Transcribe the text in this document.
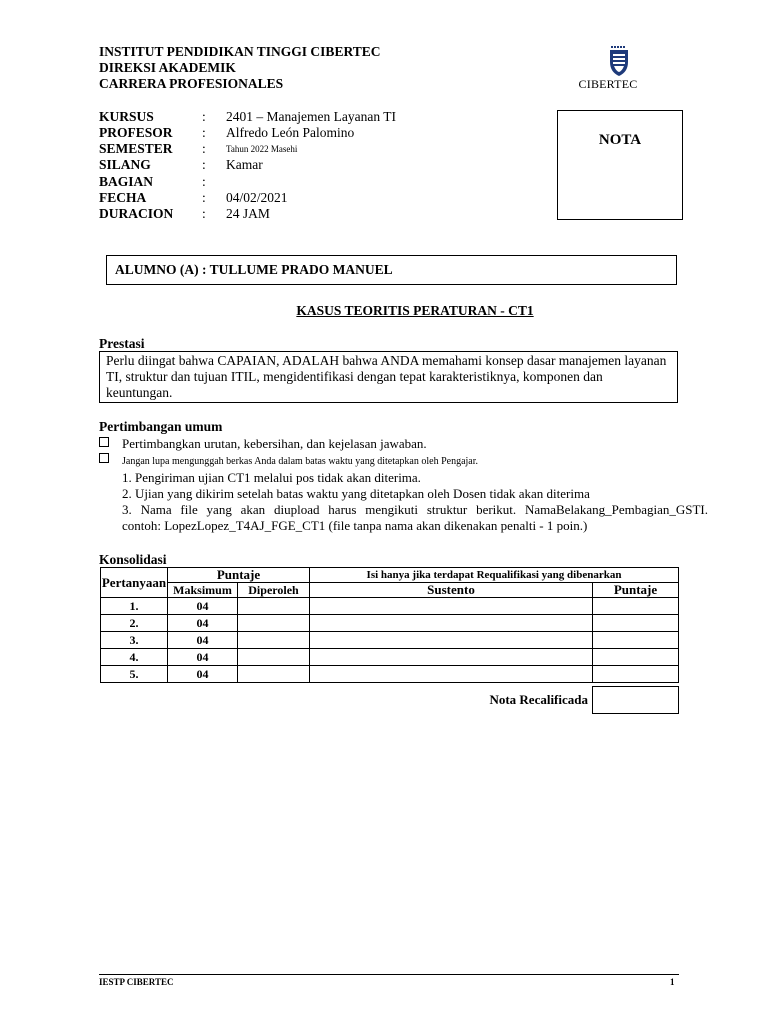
INSTITUT PENDIDIKAN TINGGI CIBERTEC
DIREKSI AKADEMIK
CARRERA PROFESIONALES	CIBERTEC
KURSUS	: 2401 – Manajemen Layanan TI
PROFESOR	: Alfredo León Palomino
SEMESTER	: Tahun 2022 Masehi
SILANG	: Kamar
BAGIAN	:
FECHA	: 04/02/2021
DURACION	: 24 JAM
NOTA
ALUMNO (A) : TULLUME PRADO MANUEL
KASUS TEORITIS PERATURAN - CT1
Prestasi
Perlu diingat bahwa CAPAIAN, ADALAH bahwa ANDA memahami konsep dasar manajemen layanan TI, struktur dan tujuan ITIL, mengidentifikasi dengan tepat karakteristiknya, komponen dan keuntungan.
Pertimbangan umum
Pertimbangkan urutan, kebersihan, dan kejelasan jawaban.
Jangan lupa mengunggah berkas Anda dalam batas waktu yang ditetapkan oleh Pengajar.
1. Pengiriman ujian CT1 melalui pos tidak akan diterima.
2. Ujian yang dikirim setelah batas waktu yang ditetapkan oleh Dosen tidak akan diterima
3. Nama file yang akan diupload harus mengikuti struktur berikut. NamaBelakang_Pembagian_GSTI.
contoh: LopezLopez_T4AJ_FGE_CT1 (file tanpa nama akan dikenakan penalti - 1 poin.)
Konsolidasi
Pertanyaan	Puntaje		Isi hanya jika terdapat Requalifikasi yang dibenarkan	
	Maksimum	Diperoleh	Sustento	Puntaje
1.	04			
2.	04			
3.	04			
4.	04			
5.	04			
Nota Recalificada
IESTP CIBERTEC	1
